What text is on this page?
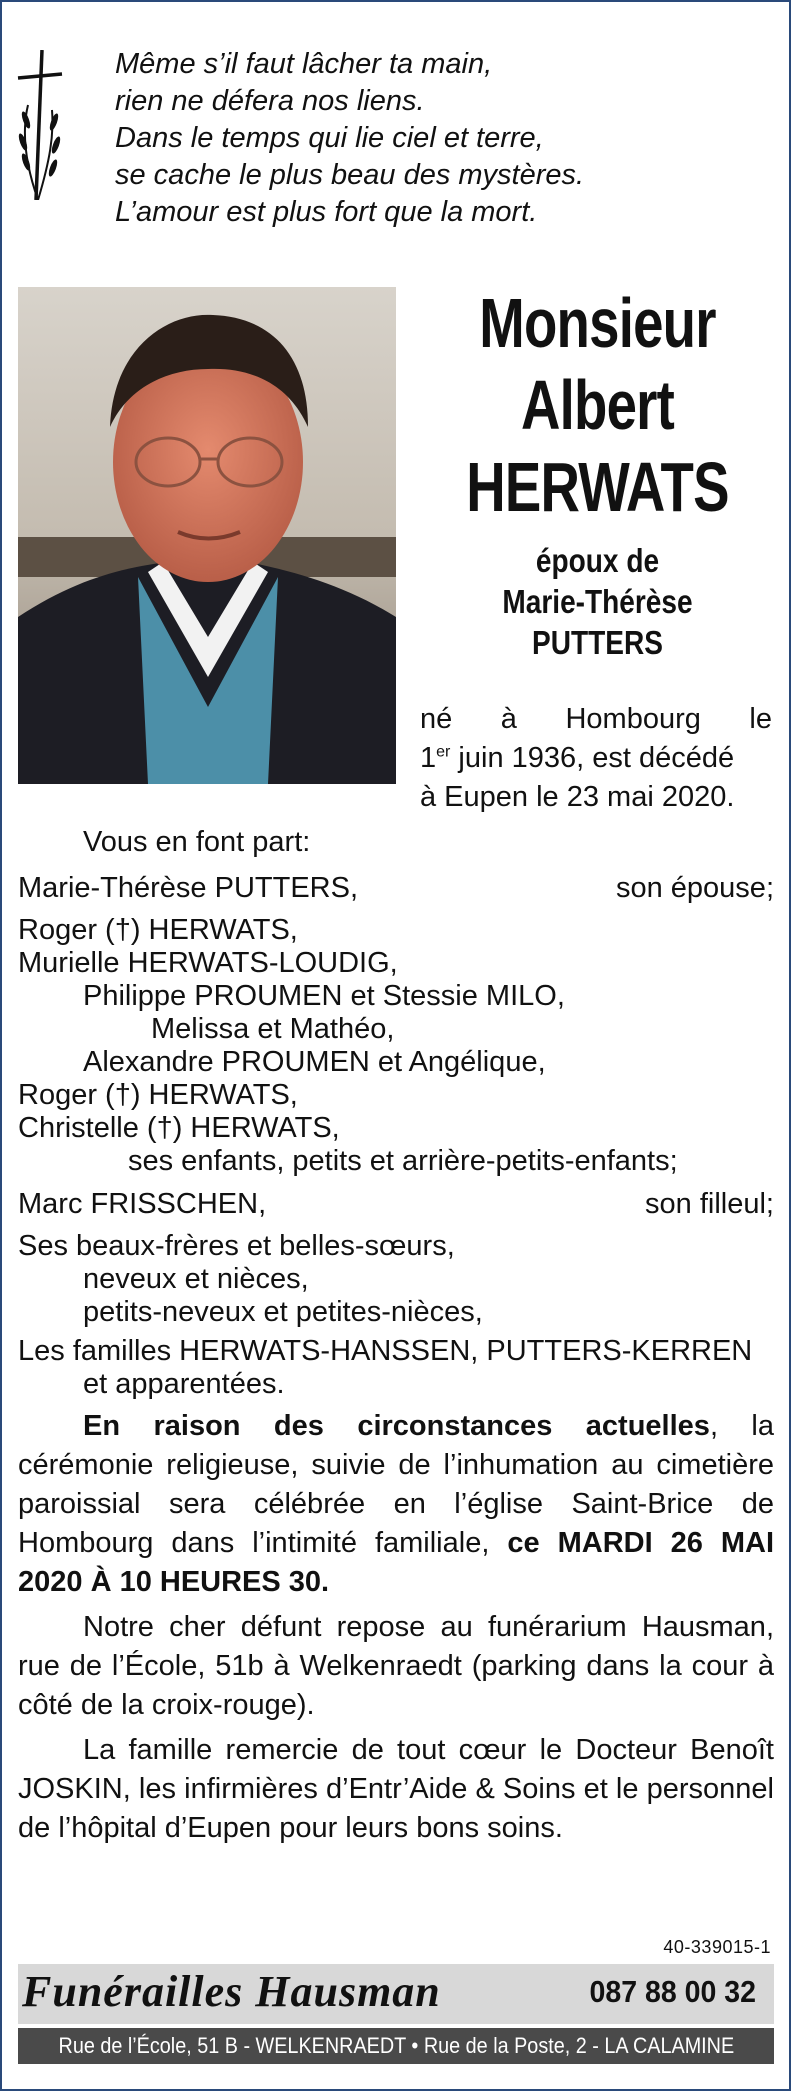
Même s’il faut lâcher ta main,
rien ne défera nos liens.
Dans le temps qui lie ciel et terre,
se cache le plus beau des mystères.
L’amour est plus fort que la mort.
Monsieur
Albert
HERWATS
époux de
Marie-Thérèse
PUTTERS
né à Hombourg le
1er juin 1936, est décédé
à Eupen le 23 mai 2020.
Vous en font part:
Marie-Thérèse PUTTERS,	son épouse;
Roger (†) HERWATS,
Murielle HERWATS-LOUDIG,
Philippe PROUMEN et Stessie MILO,
Melissa et Mathéo,
Alexandre PROUMEN et Angélique,
Roger (†) HERWATS,
Christelle (†) HERWATS,
ses enfants, petits et arrière-petits-enfants;
Marc FRISSCHEN,	son filleul;
Ses beaux-frères et belles-sœurs,
neveux et nièces,
petits-neveux et petites-nièces,
Les familles HERWATS-HANSSEN, PUTTERS-KERREN
et apparentées.
En raison des circonstances actuelles, la cérémonie religieuse, suivie de l’inhumation au cimetière paroissial sera célébrée en l’église Saint-Brice de Hombourg dans l’intimité familiale, ce MARDI 26 MAI 2020 À 10 HEURES 30.
Notre cher défunt repose au funérarium Hausman, rue de l’École, 51b à Welkenraedt (parking dans la cour à côté de la croix-rouge).
La famille remercie de tout cœur le Docteur Benoît JOSKIN, les infirmières d’Entr’Aide & Soins et le personnel de l’hôpital d’Eupen pour leurs bons soins.
40-339015-1
Funérailles Hausman	087 88 00 32
Rue de l’École, 51 B - WELKENRAEDT • Rue de la Poste, 2 - LA CALAMINE
